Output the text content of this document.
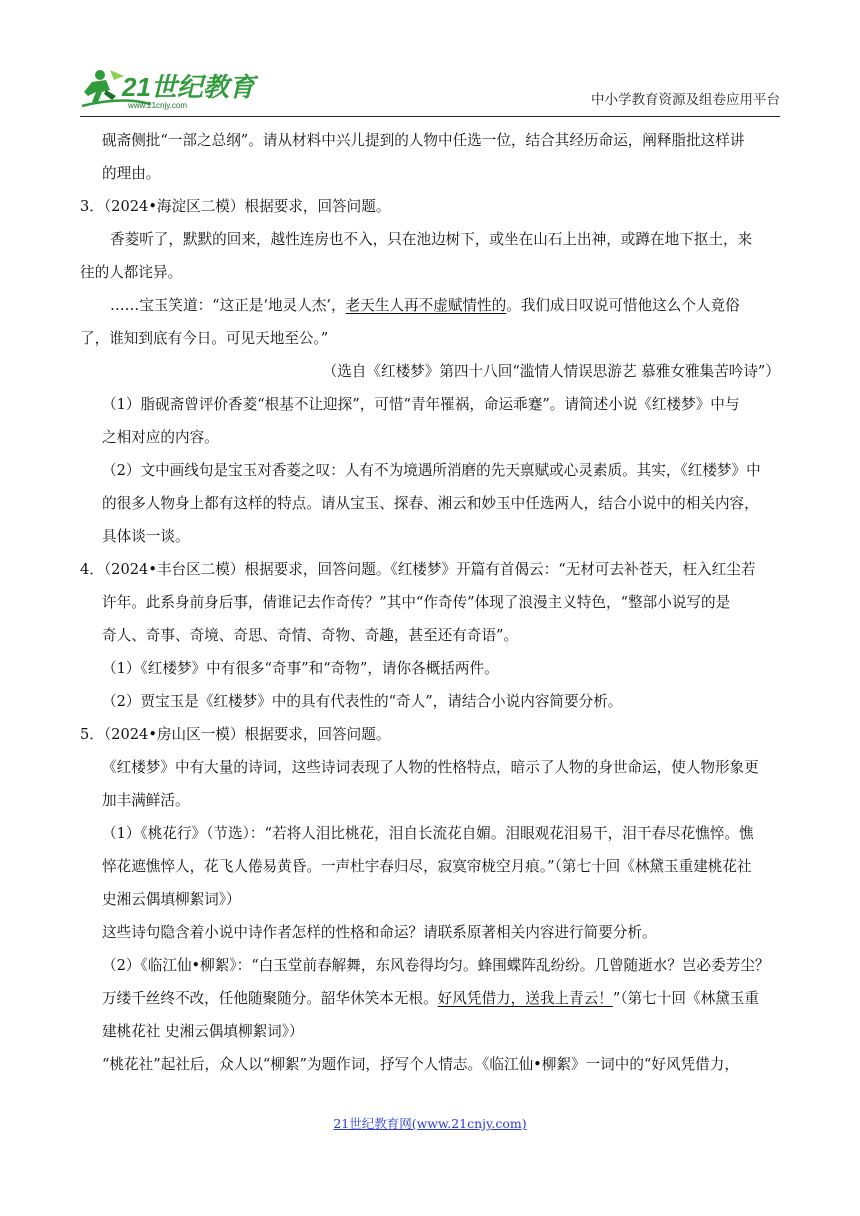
21世纪教育
www.21cnjy.com	中小学教育资源及组卷应用平台

砚斋侧批“一部之总纲”。请从材料中兴儿提到的人物中任选一位，结合其经历命运，阐释脂批这样讲

的理由。

3．（2024•海淀区二模）根据要求，回答问题。

香菱听了，默默的回来，越性连房也不入，只在池边树下，或坐在山石上出神，或蹲在地下抠土，来

往的人都诧异。

……宝玉笑道：“这正是‘地灵人杰’，老天生人再不虚赋情性的。我们成日叹说可惜他这么个人竟俗

了，谁知到底有今日。可见天地至公。”

（选自《红楼梦》第四十八回“滥情人情误思游艺 慕雅女雅集苦吟诗”）

（1）脂砚斋曾评价香菱“根基不让迎探”，可惜“青年罹祸，命运乖蹇”。请简述小说《红楼梦》中与

之相对应的内容。

（2）文中画线句是宝玉对香菱之叹：人有不为境遇所消磨的先天禀赋或心灵素质。其实，《红楼梦》中

的很多人物身上都有这样的特点。请从宝玉、探春、湘云和妙玉中任选两人，结合小说中的相关内容，

具体谈一谈。

4．（2024•丰台区二模）根据要求，回答问题。《红楼梦》开篇有首偈云：“无材可去补苍天，枉入红尘若

许年。此系身前身后事，倩谁记去作奇传？”其中“作奇传”体现了浪漫主义特色，“整部小说写的是

奇人、奇事、奇境、奇思、奇情、奇物、奇趣，甚至还有奇语”。

（1）《红楼梦》中有很多“奇事”和“奇物”，请你各概括两件。

（2）贾宝玉是《红楼梦》中的具有代表性的“奇人”，请结合小说内容简要分析。

5．（2024•房山区一模）根据要求，回答问题。

《红楼梦》中有大量的诗词，这些诗词表现了人物的性格特点，暗示了人物的身世命运，使人物形象更

加丰满鲜活。

（1）《桃花行》（节选）：“若将人泪比桃花，泪自长流花自媚。泪眼观花泪易干，泪干春尽花憔悴。憔

悴花遮憔悴人，花飞人倦易黄昏。一声杜宇春归尽，寂寞帘栊空月痕。”（第七十回《林黛玉重建桃花社

史湘云偶填柳絮词》）

这些诗句隐含着小说中诗作者怎样的性格和命运？请联系原著相关内容进行简要分析。

（2）《临江仙•柳絮》：“白玉堂前春解舞，东风卷得均匀。蜂围蝶阵乱纷纷。几曾随逝水？岂必委芳尘？

万缕千丝终不改，任他随聚随分。韶华休笑本无根。好风凭借力，送我上青云！”（第七十回《林黛玉重

建桃花社 史湘云偶填柳絮词》）

“桃花社”起社后，众人以“柳絮”为题作词，抒写个人情志。《临江仙•柳絮》一词中的“好风凭借力，

21世纪教育网(www.21cnjy.com)
